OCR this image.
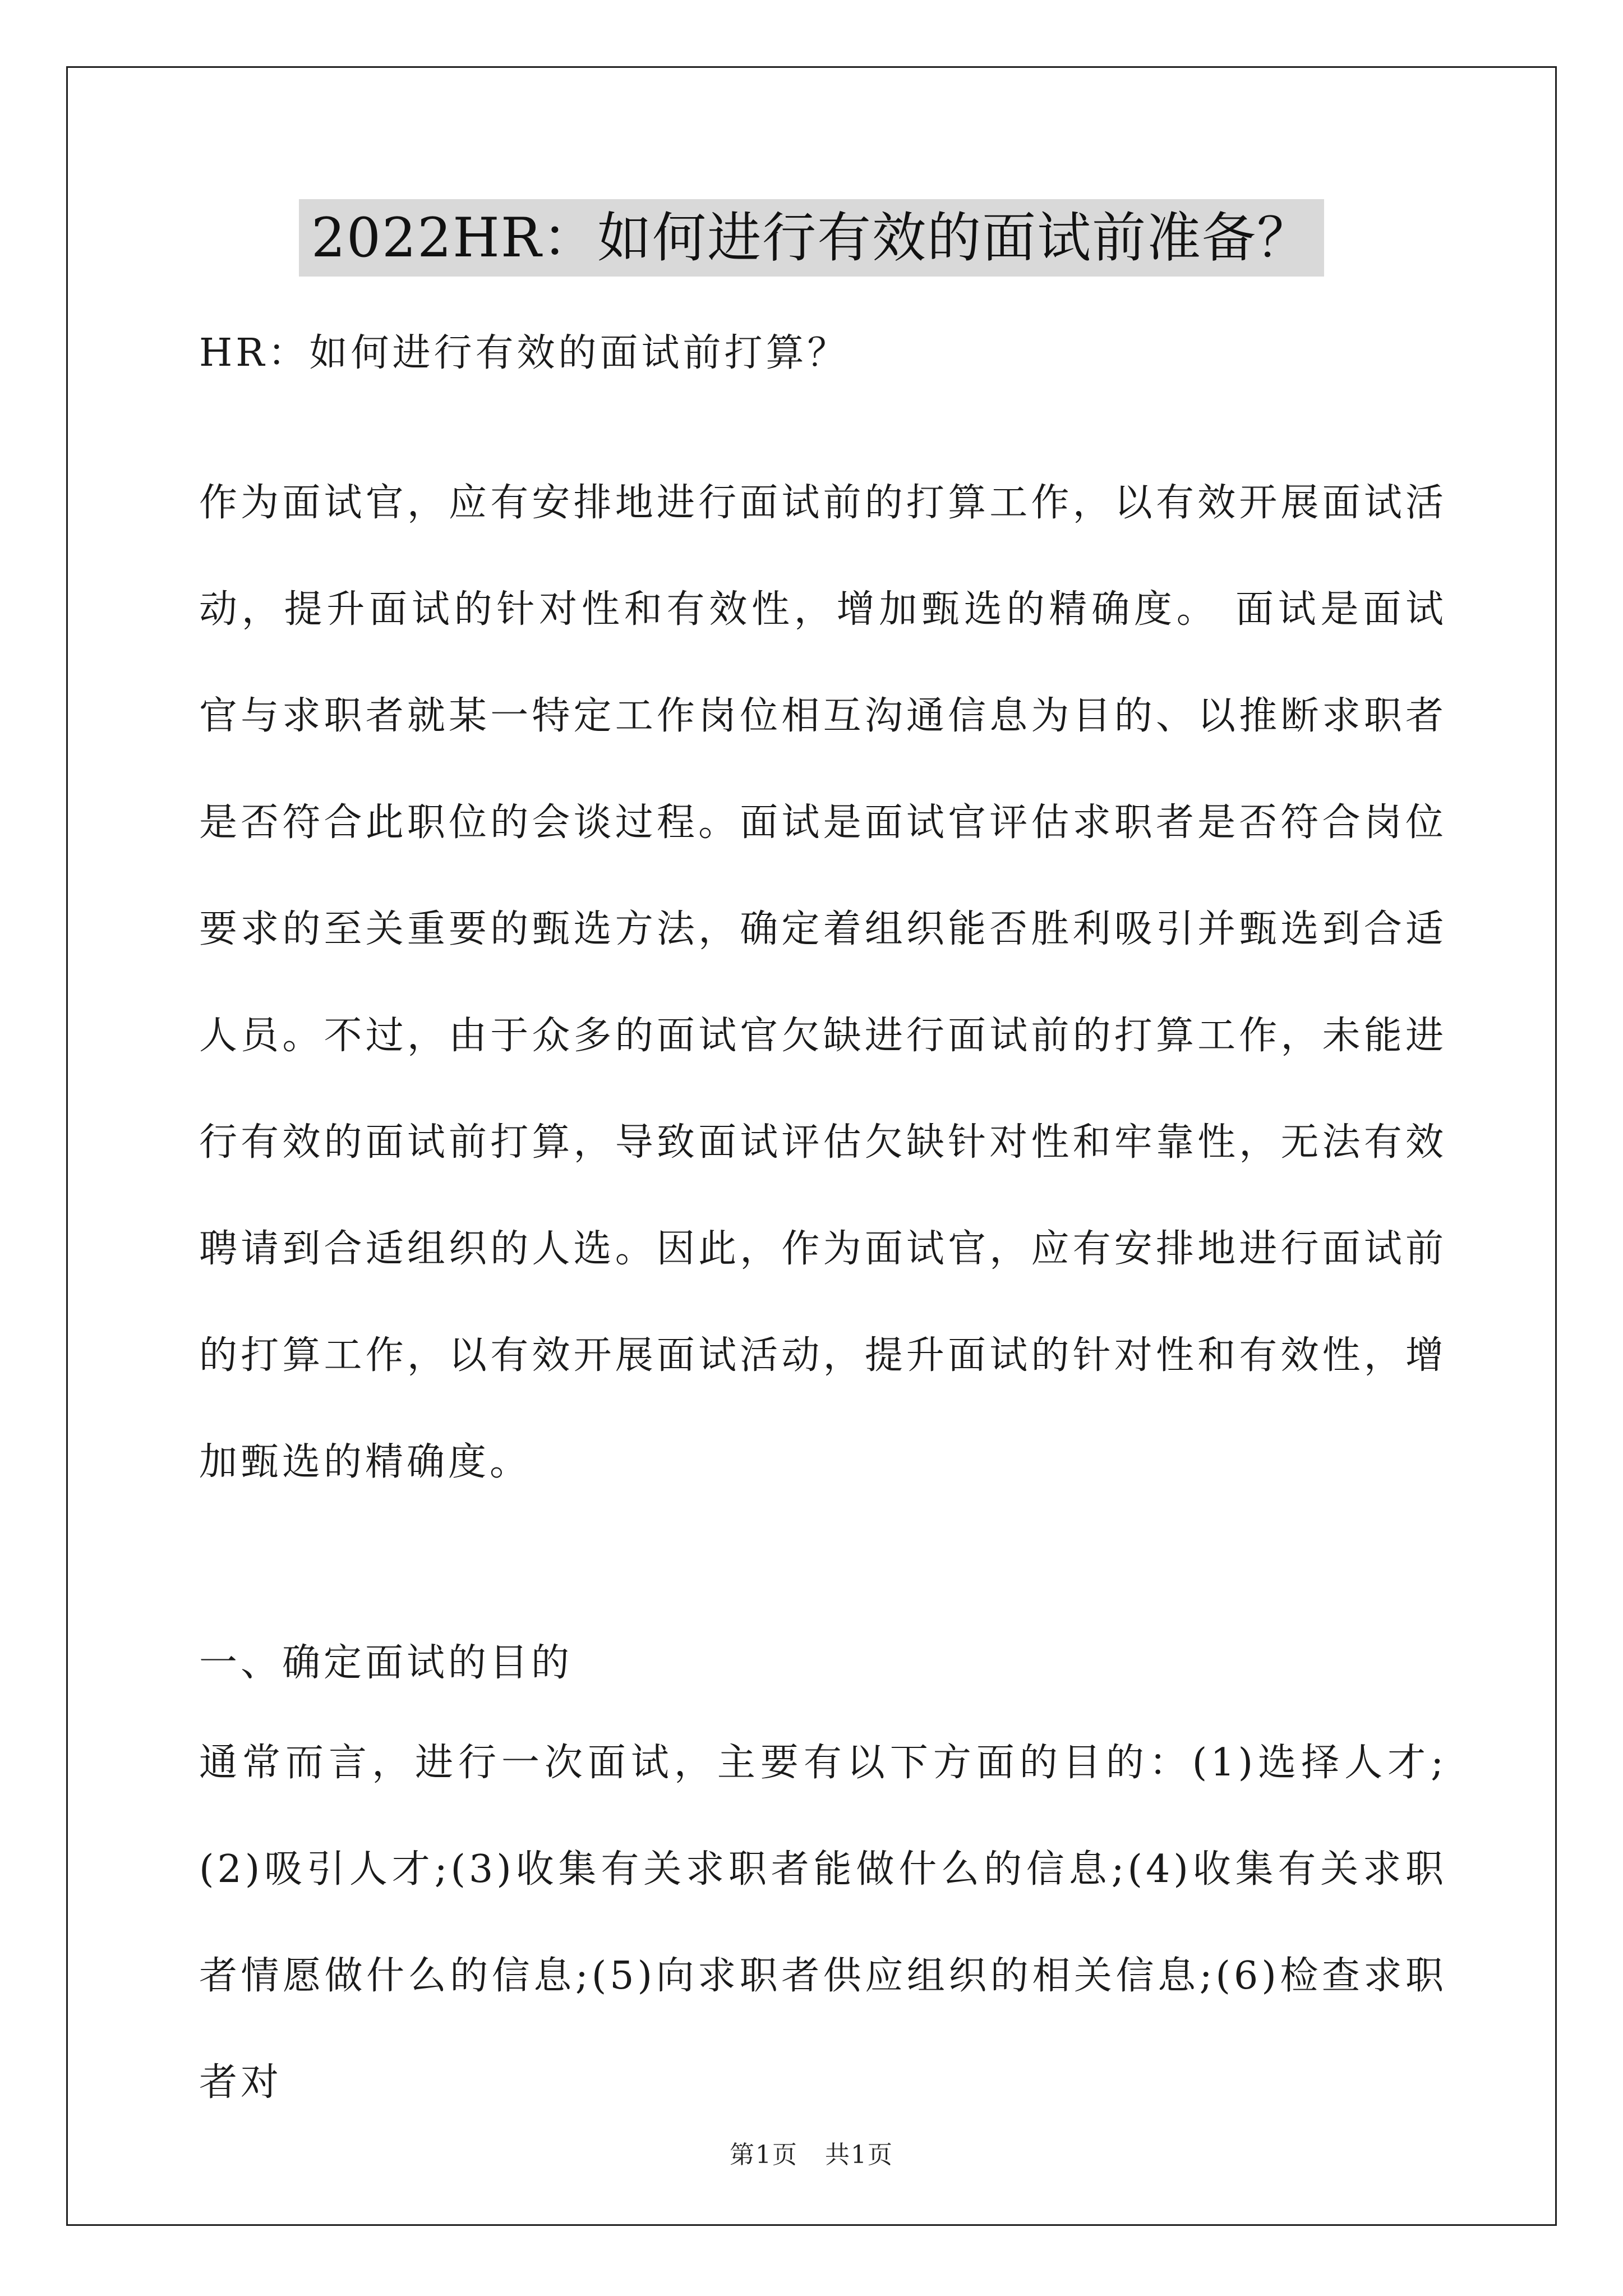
2022HR：如何进行有效的面试前准备？

HR：如何进行有效的面试前打算？

作为面试官，应有安排地进行面试前的打算工作，以有效开展面试活动，提升面试的针对性和有效性，增加甄选的精确度。 面试是面试官与求职者就某一特定工作岗位相互沟通信息为目的、以推断求职者是否符合此职位的会谈过程。面试是面试官评估求职者是否符合岗位要求的至关重要的甄选方法，确定着组织能否胜利吸引并甄选到合适人员。不过，由于众多的面试官欠缺进行面试前的打算工作，未能进行有效的面试前打算，导致面试评估欠缺针对性和牢靠性，无法有效聘请到合适组织的人选。因此，作为面试官，应有安排地进行面试前的打算工作，以有效开展面试活动，提升面试的针对性和有效性，增加甄选的精确度。

一、确定面试的目的

通常而言，进行一次面试，主要有以下方面的目的：(1)选择人才;(2)吸引人才;(3)收集有关求职者能做什么的信息;(4)收集有关求职者情愿做什么的信息;(5)向求职者供应组织的相关信息;(6)检查求职者对

第1页 共1页
